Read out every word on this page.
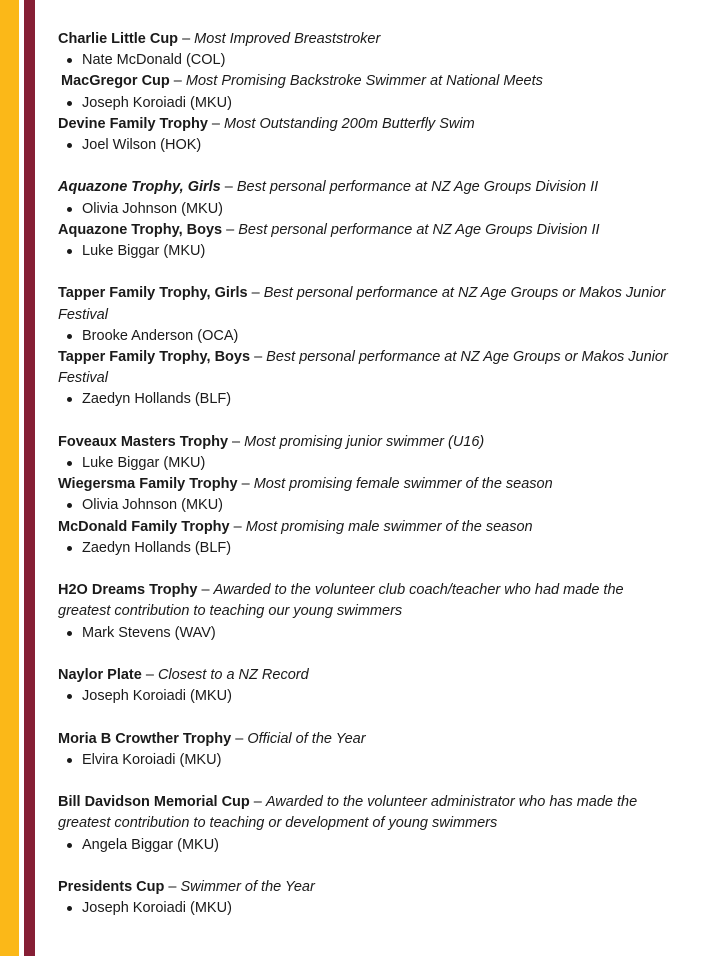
Charlie Little Cup – Most Improved Breaststroker
Nate McDonald (COL)
MacGregor Cup – Most Promising Backstroke Swimmer at National Meets
Joseph Koroiadi (MKU)
Devine Family Trophy – Most Outstanding 200m Butterfly Swim
Joel Wilson (HOK)
Aquazone Trophy, Girls – Best personal performance at NZ Age Groups Division II
Olivia Johnson (MKU)
Aquazone Trophy, Boys – Best personal performance at NZ Age Groups Division II
Luke Biggar (MKU)
Tapper Family Trophy, Girls – Best personal performance at NZ Age Groups or Makos Junior Festival
Brooke Anderson (OCA)
Tapper Family Trophy, Boys – Best personal performance at NZ Age Groups or Makos Junior Festival
Zaedyn Hollands (BLF)
Foveaux Masters Trophy – Most promising junior swimmer (U16)
Luke Biggar (MKU)
Wiegersma Family Trophy – Most promising female swimmer of the season
Olivia Johnson (MKU)
McDonald Family Trophy – Most promising male swimmer of the season
Zaedyn Hollands (BLF)
H2O Dreams Trophy – Awarded to the volunteer club coach/teacher who had made the greatest contribution to teaching our young swimmers
Mark Stevens (WAV)
Naylor Plate – Closest to a NZ Record
Joseph Koroiadi (MKU)
Moria B Crowther Trophy – Official of the Year
Elvira Koroiadi (MKU)
Bill Davidson Memorial Cup – Awarded to the volunteer administrator who has made the greatest contribution to teaching or development of young swimmers
Angela Biggar (MKU)
Presidents Cup – Swimmer of the Year
Joseph Koroiadi (MKU)
